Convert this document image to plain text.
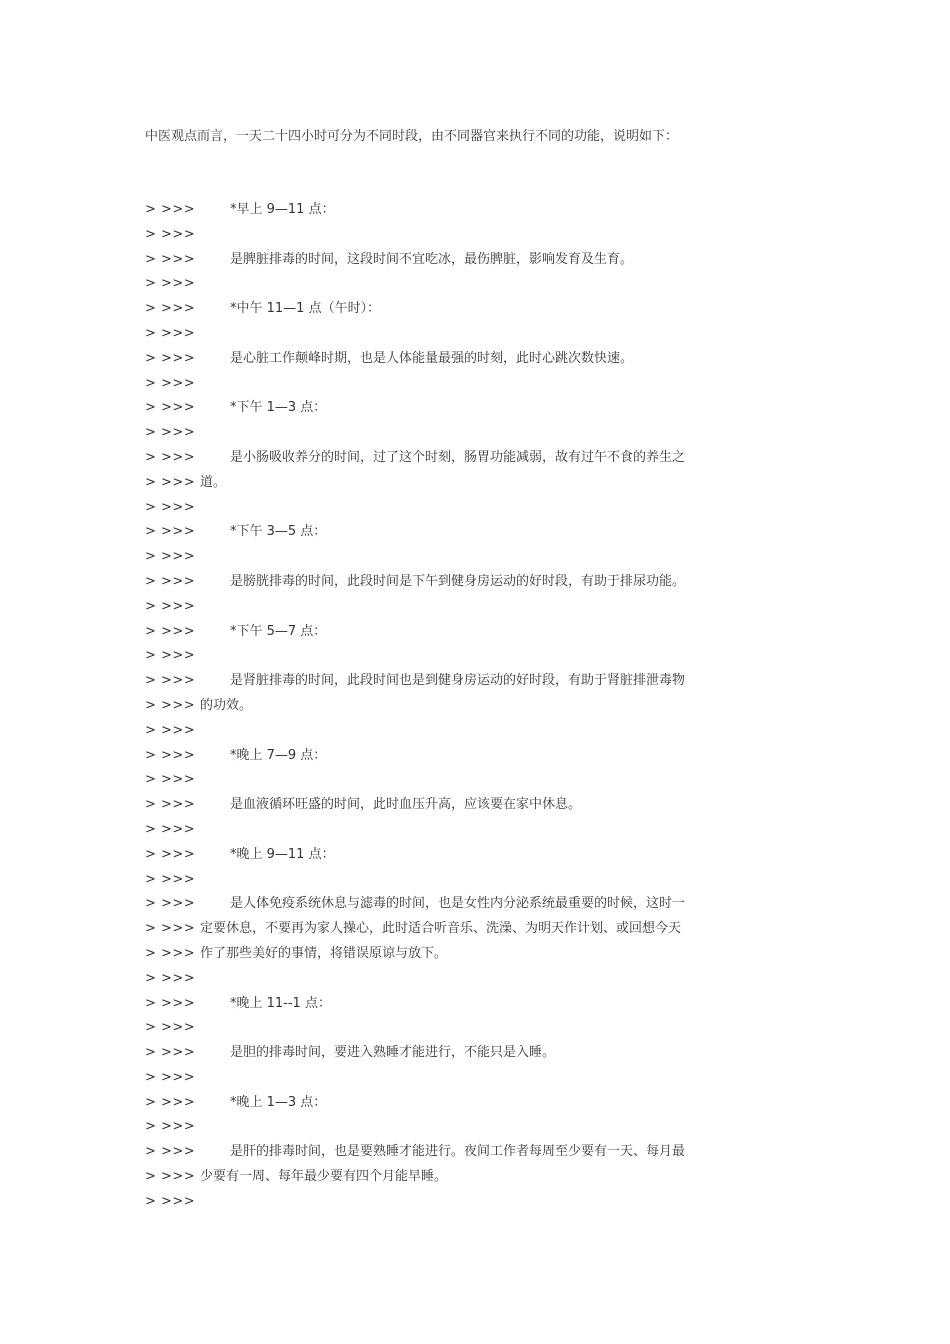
中医观点而言，一天二十四小时可分为不同时段，由不同器官来执行不同的功能，说明如下：
> >>>	*早上 9—11 点：
> >>>
> >>>	是脾脏排毒的时间，这段时间不宜吃冰，最伤脾脏，影响发育及生育。
> >>>
> >>>	*中午 11—1 点（午时）：
> >>>
> >>>	是心脏工作颠峰时期，也是人体能量最强的时刻，此时心跳次数快速。
> >>>
> >>>	*下午 1—3 点：
> >>>
> >>>	是小肠吸收养分的时间，过了这个时刻，肠胃功能减弱，故有过午不食的养生之
> >>> 道。
> >>>
> >>>	*下午 3—5 点：
> >>>
> >>>	是膀胱排毒的时间，此段时间是下午到健身房运动的好时段，有助于排尿功能。
> >>>
> >>>	*下午 5—7 点：
> >>>
> >>>	是肾脏排毒的时间，此段时间也是到健身房运动的好时段，有助于肾脏排泄毒物
> >>> 的功效。
> >>>
> >>>	*晚上 7—9 点：
> >>>
> >>>	是血液循环旺盛的时间，此时血压升高，应该要在家中休息。
> >>>
> >>>	*晚上 9—11 点：
> >>>
> >>>	是人体免疫系统休息与滤毒的时间，也是女性内分泌系统最重要的时候，这时一
> >>> 定要休息，不要再为家人操心，此时适合听音乐、洗澡、为明天作计划、或回想今天
> >>> 作了那些美好的事情，将错误原谅与放下。
> >>>
> >>>	*晚上 11--1 点：
> >>>
> >>>	是胆的排毒时间，要进入熟睡才能进行，不能只是入睡。
> >>>
> >>>	*晚上 1—3 点：
> >>>
> >>>	是肝的排毒时间，也是要熟睡才能进行。夜间工作者每周至少要有一天、每月最
> >>> 少要有一周、每年最少要有四个月能早睡。
> >>>
